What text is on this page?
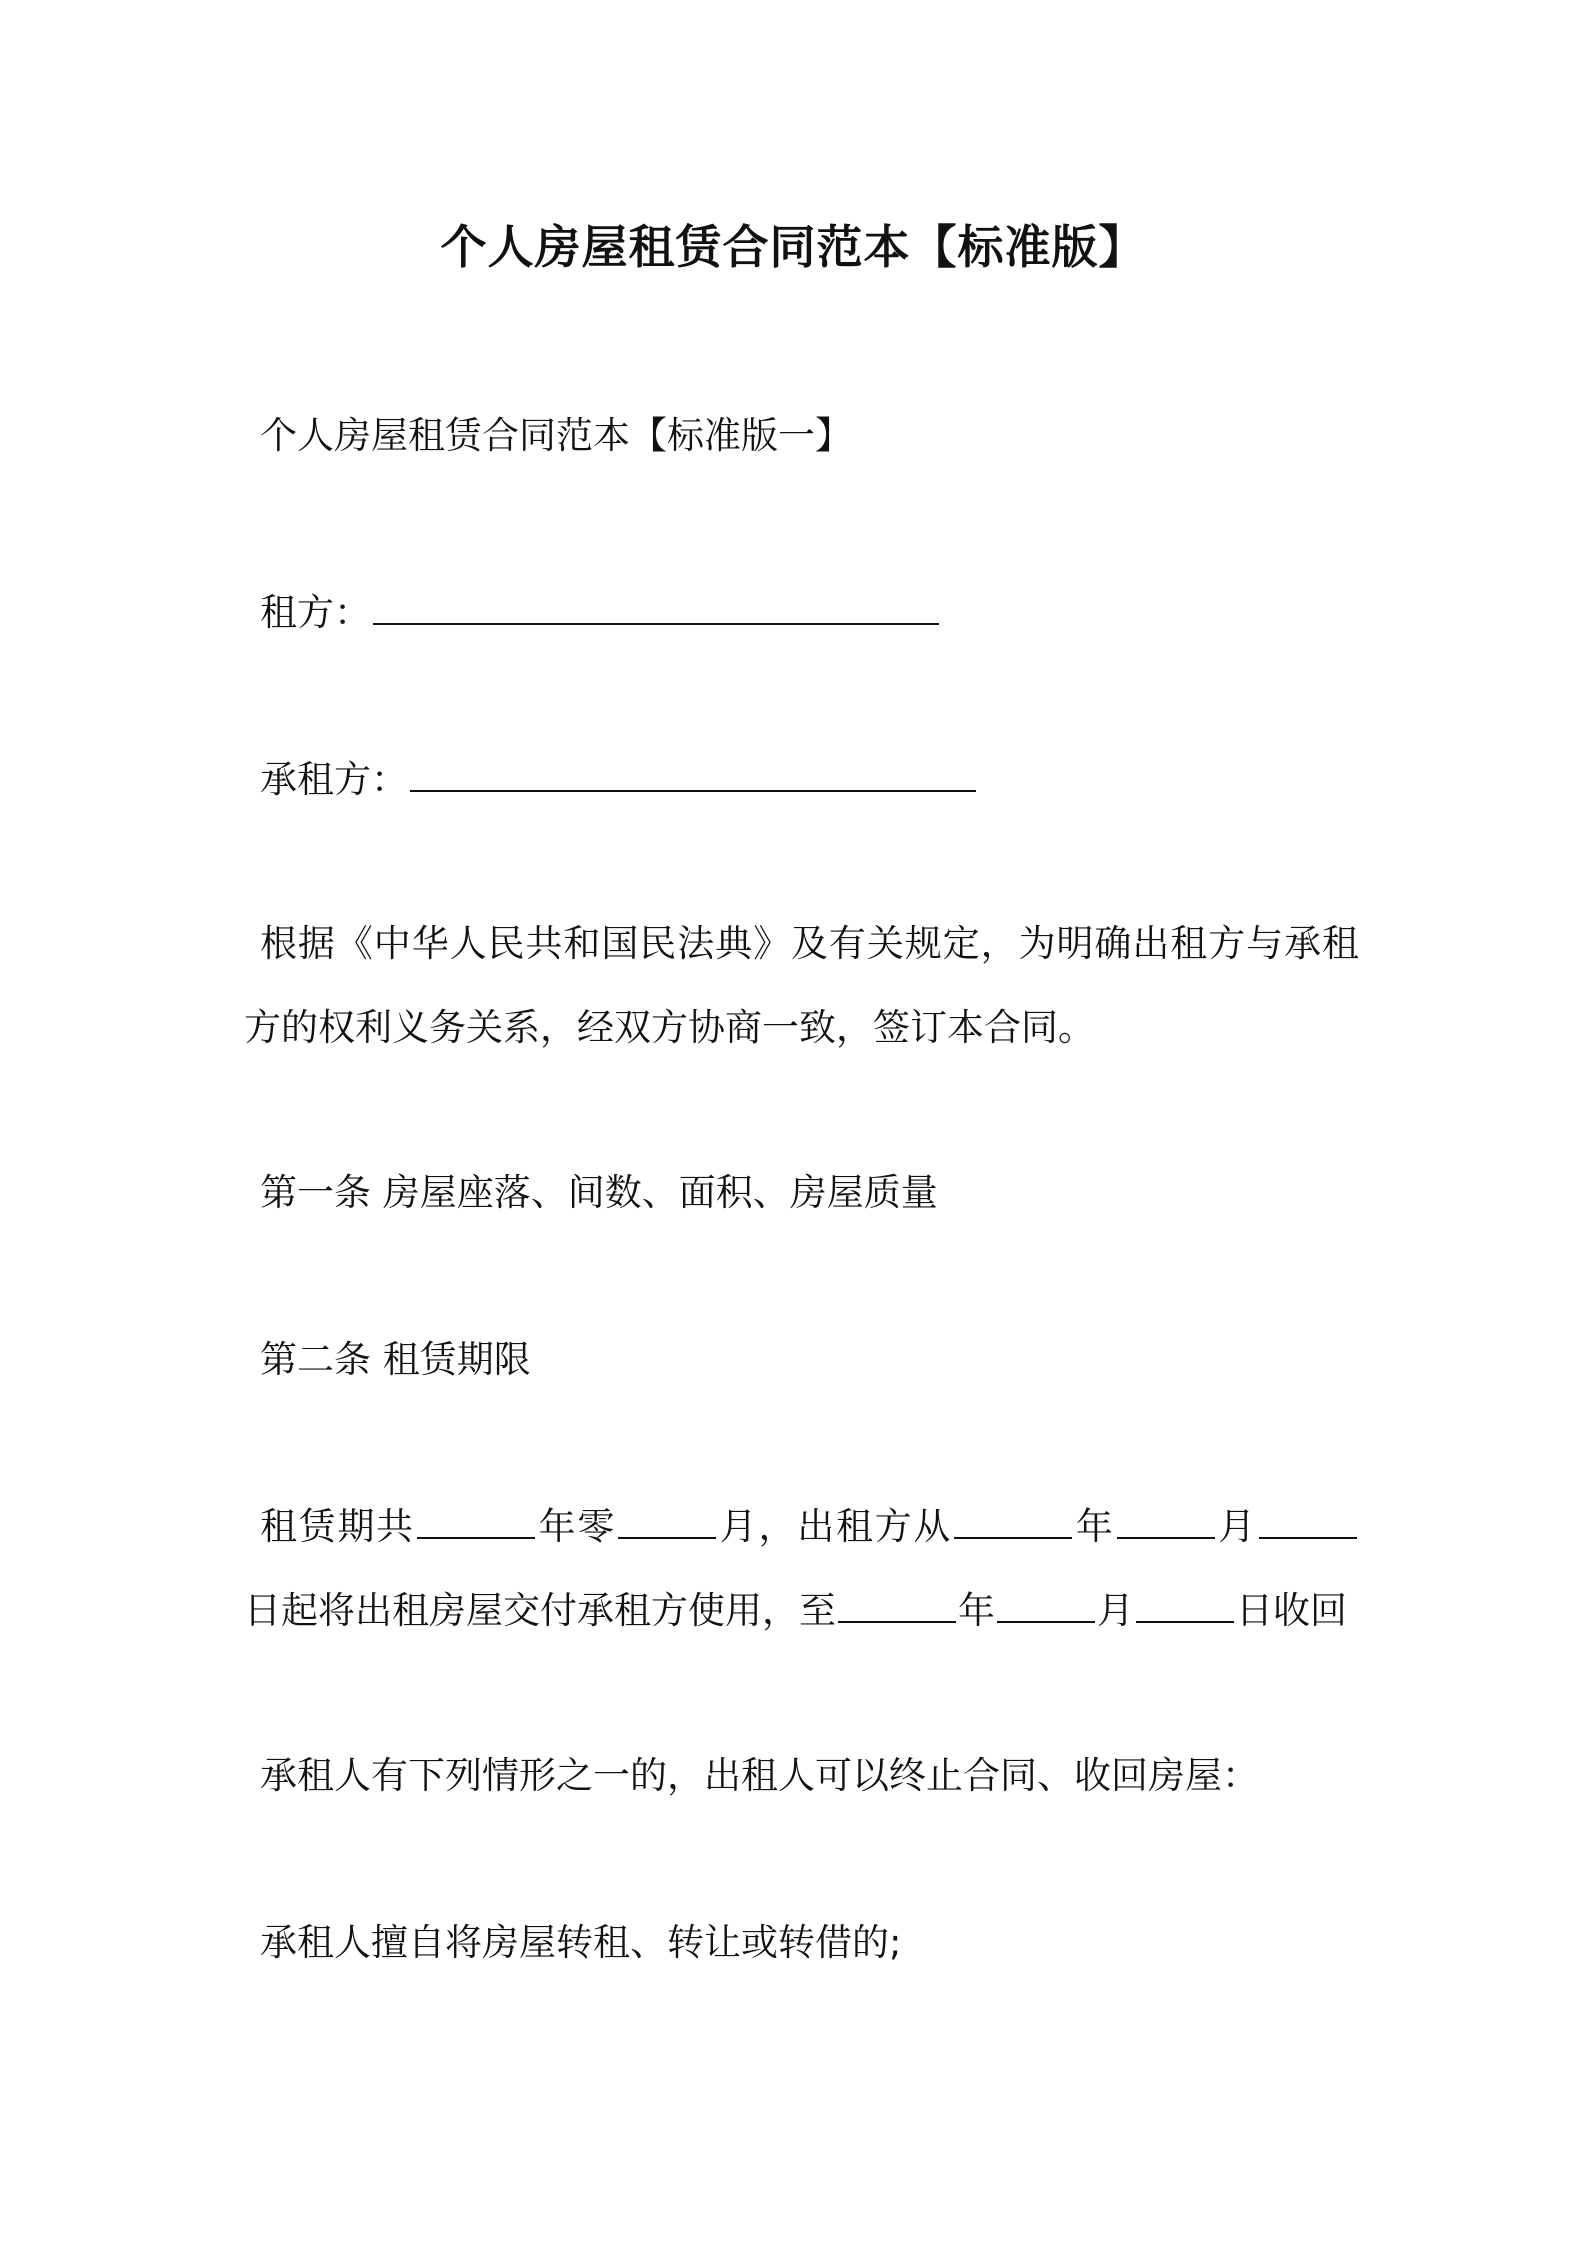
个人房屋租赁合同范本【标准版】

个人房屋租赁合同范本【标准版一】

租方：

承租方：

根据《中华人民共和国民法典》及有关规定，为明确出租方与承租方的权利义务关系，经双方协商一致，签订本合同。

第一条 房屋座落、间数、面积、房屋质量

第二条 租赁期限

租赁期共	年零	月，出租方从	年	月日起将出租房屋交付承租方使用，至	年	月	日收回

承租人有下列情形之一的，出租人可以终止合同、收回房屋：

承租人擅自将房屋转租、转让或转借的;
